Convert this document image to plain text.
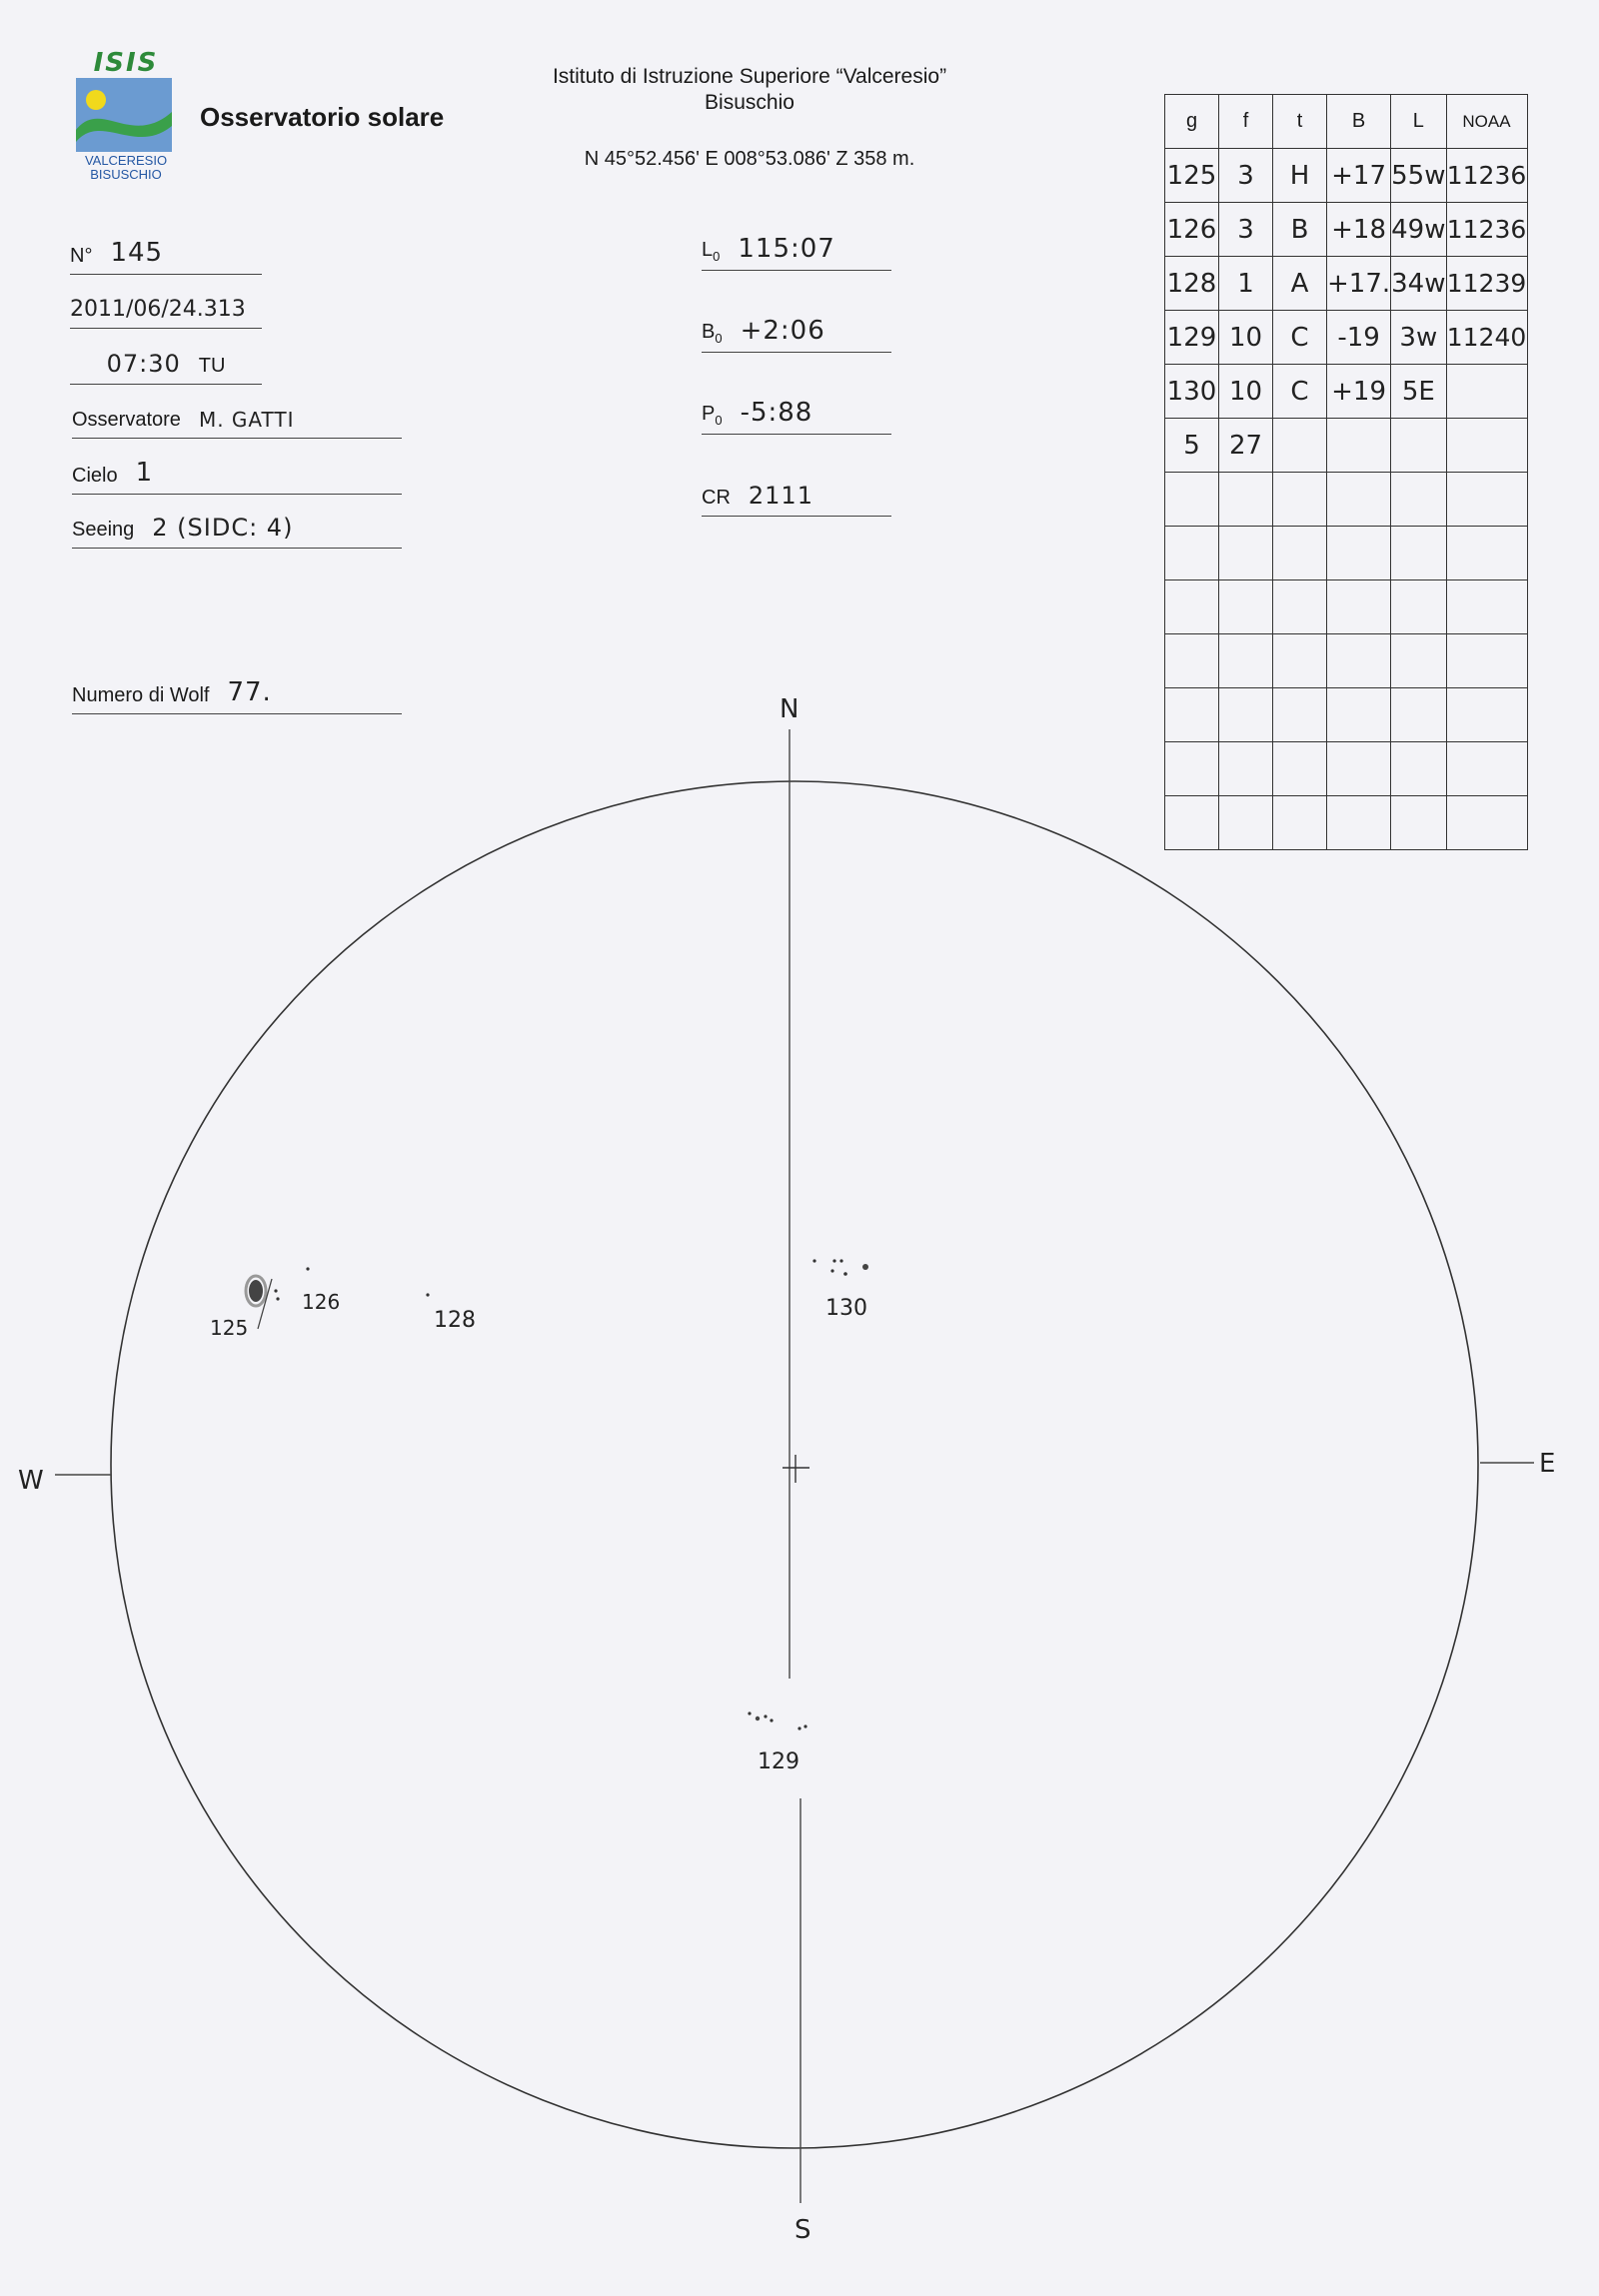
ISIS
VALCERESIO
BISUSCHIO
Osservatorio solare
Istituto di Istruzione Superiore “Valceresio”
Bisuschio
N 45°52.456' E 008°53.086' Z 358 m.
N° 145
2011/06/24.313
07:30 TU
Osservatore M. GATTI
Cielo 1
Seeing 2 (SIDC: 4)
Numero di Wolf 77.
$L_0$ 115:07
$B_0$ +2:06
$P_0$ -5:88
CR 2111
g	f	t	B	L	NOAA
125	3	H	+17	55w	11236
126	3	B	+18	49w	11236
128	1	A	+17.	34w	11239
129	10	C	-19	3w	11240
130	10	C	+19	5E	
5	27				

N
S
E
W
125
126
128	130
129
